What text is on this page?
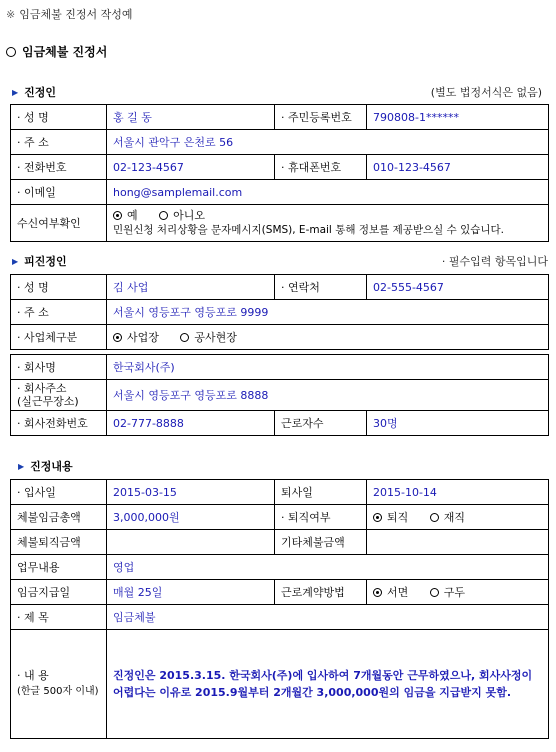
※ 임금체불 진정서 작성예
임금체불 진정서
▶ 진정인	(별도 법정서식은 없음)
· 성 명	홍 길 동	· 주민등록번호	790808-1******
· 주 소	서울시 관악구 은천로 56		
· 전화번호	02-123-4567	· 휴대폰번호	010-123-4567
· 이메일	hong@samplemail.com		
수신여부확인	예 아니오
민원신청 처리상황을 문자메시지(SMS), E-mail 통해 정보를 제공받으실 수 있습니다.		
▶ 피진정인	· 필수입력 항목입니다
· 성 명	김 사업	· 연락처	02-555-4567
· 주 소	서울시 영등포구 영등포로 9999		
· 사업체구분	사업장 공사현장		
· 회사명	한국회사(주)		

· 회사주소
(실근무장소)	서울시 영등포구 영등포로 8888		
· 회사전화번호	02-777-8888	근로자수	30명
▶ 진정내용
· 입사일	2015-03-15	퇴사일	2015-10-14
체불임금총액	3,000,000원	· 퇴직여부	퇴직 재직
체불퇴직금액		기타체불금액	
업무내용	영업		
임금지급일	매월 25일	근로계약방법	서면 구두
· 제 목	임금체불		

· 내 용
(한글 500자 이내)	진정인은 2015.3.15. 한국회사(주)에 입사하여 7개월동안 근무하였으나, 회사사정이 어렵다는 이유로 2015.9월부터 2개월간 3,000,000원의 임금을 지급받지 못함.		
